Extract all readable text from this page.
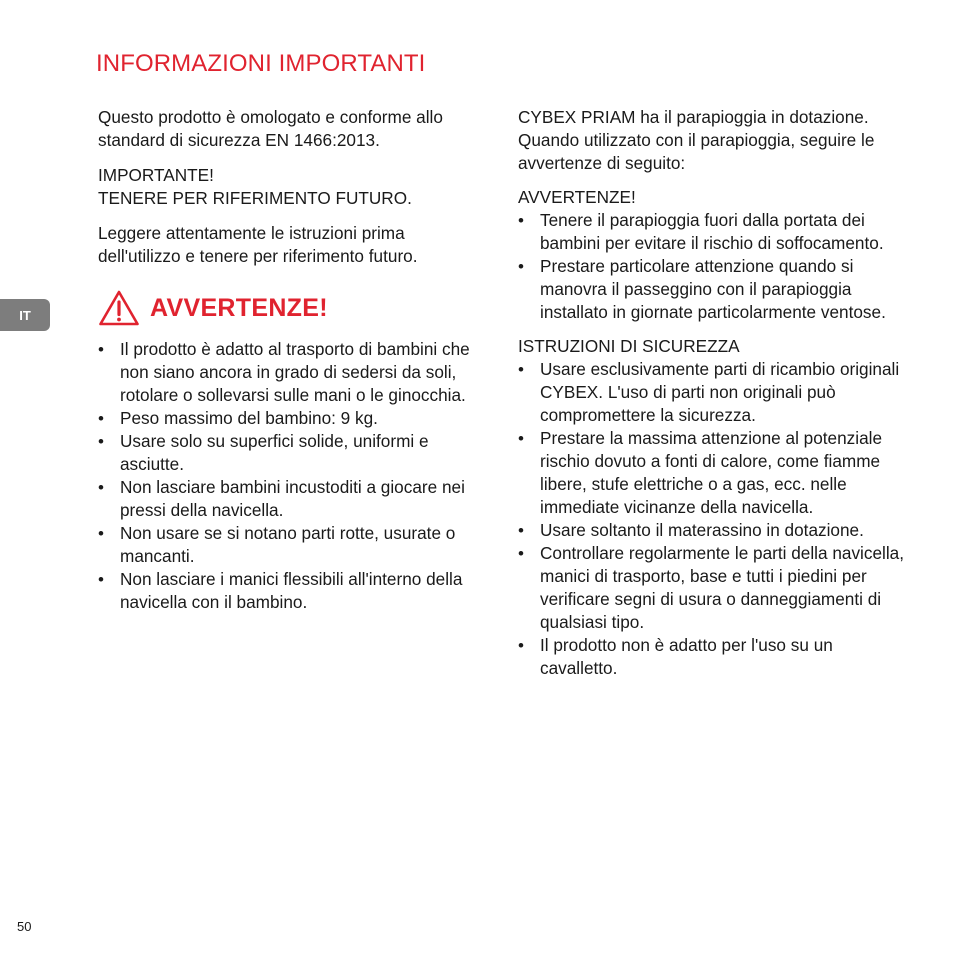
INFORMAZIONI IMPORTANTI
IT

Questo prodotto è omologato e conforme allo standard di sicurezza EN 1466:2013.

IMPORTANTE!

TENERE PER RIFERIMENTO FUTURO.

Leggere attentamente le istruzioni prima dell'utilizzo e tenere per riferimento futuro.

AVVERTENZE!
• Il prodotto è adatto al trasporto di bambini che non siano ancora in grado di sedersi da soli, rotolare o sollevarsi sulle mani o le ginocchia.
• Peso massimo del bambino: 9 kg.
• Usare solo su superfici solide, uniformi e asciutte.
• Non lasciare bambini incustoditi a giocare nei pressi della navicella.
• Non usare se si notano parti rotte, usurate o mancanti.
• Non lasciare i manici flessibili all'interno della navicella con il bambino.

CYBEX PRIAM ha il parapioggia in dotazione.

Quando utilizzato con il parapioggia, seguire le avvertenze di seguito:

AVVERTENZE!

• Tenere il parapioggia fuori dalla portata dei bambini per evitare il rischio di soffocamento.
• Prestare particolare attenzione quando si manovra il passeggino con il parapioggia installato in giornate particolarmente ventose.

ISTRUZIONI DI SICUREZZA

• Usare esclusivamente parti di ricambio originali CYBEX. L'uso di parti non originali può compromettere la sicurezza.
• Prestare la massima attenzione al potenziale rischio dovuto a fonti di calore, come fiamme libere, stufe elettriche o a gas, ecc. nelle immediate vicinanze della navicella.
• Usare soltanto il materassino in dotazione.
• Controllare regolarmente le parti della navicella, manici di trasporto, base e tutti i piedini per verificare segni di usura o danneggiamenti di qualsiasi tipo.
• Il prodotto non è adatto per l'uso su un cavalletto.
50
